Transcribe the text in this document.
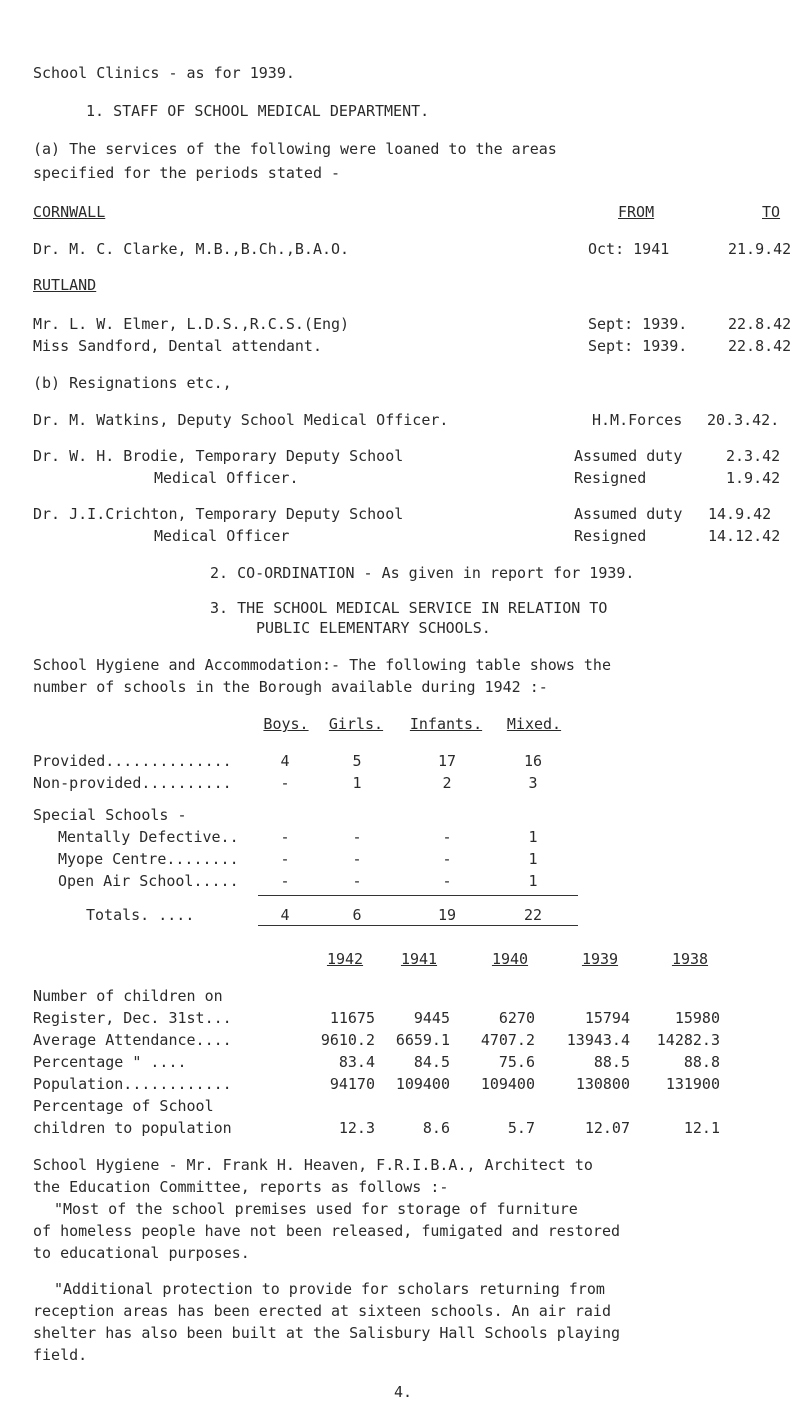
School Clinics - as for 1939.
1. STAFF OF SCHOOL MEDICAL DEPARTMENT.
(a) The services of the following were loaned to the areas
specified for the periods stated -
CORNWALL	FROM	TO
Dr. M. C. Clarke, M.B.,B.Ch.,B.A.O.	Oct: 1941	21.9.42
RUTLAND
Mr. L. W. Elmer, L.D.S.,R.C.S.(Eng)	Sept: 1939.	22.8.42
Miss Sandford, Dental attendant.	Sept: 1939.	22.8.42
(b) Resignations etc.,
Dr. M. Watkins, Deputy School Medical Officer.	H.M.Forces 20.3.42.
Dr. W. H. Brodie, Temporary Deputy School
Medical Officer.
Assumed duty	2.3.42
Resigned	1.9.42
Dr. J.I.Crichton, Temporary Deputy School
Medical Officer
Assumed duty 14.9.42
Resigned	14.12.42
2. CO-ORDINATION - As given in report for 1939.
3. THE SCHOOL MEDICAL SERVICE IN RELATION TO
PUBLIC ELEMENTARY SCHOOLS.
School Hygiene and Accommodation:- The following table shows the
number of schools in the Borough available during 1942 :-
Boys.	Girls.	Infants.	Mixed.
Provided..............	4	5	17	16
Non-provided..........	-	1	2	3
Special Schools -
Mentally Defective..	-	-	-	1
Myope Centre........	-	-	-	1
Open Air School.....	-	-	-	1
Totals. ....	4	6	19	22
1942	1941	1940	1939	1938
Number of children on
Register, Dec. 31st...	11675	9445	6270	15794	15980
Average Attendance....	9610.2	6659.1	4707.2	13943.4	14282.3
Percentage " ....	83.4	84.5	75.6	88.5	88.8
Population............	94170	109400	109400	130800	131900
Percentage of School
children to population	12.3	8.6	5.7	12.07	12.1
School Hygiene - Mr. Frank H. Heaven, F.R.I.B.A., Architect to
the Education Committee, reports as follows :-
"Most of the school premises used for storage of furniture
of homeless people have not been released, fumigated and restored
to educational purposes.
"Additional protection to provide for scholars returning from
reception areas has been erected at sixteen schools. An air raid
shelter has also been built at the Salisbury Hall Schools playing
field.
4.
